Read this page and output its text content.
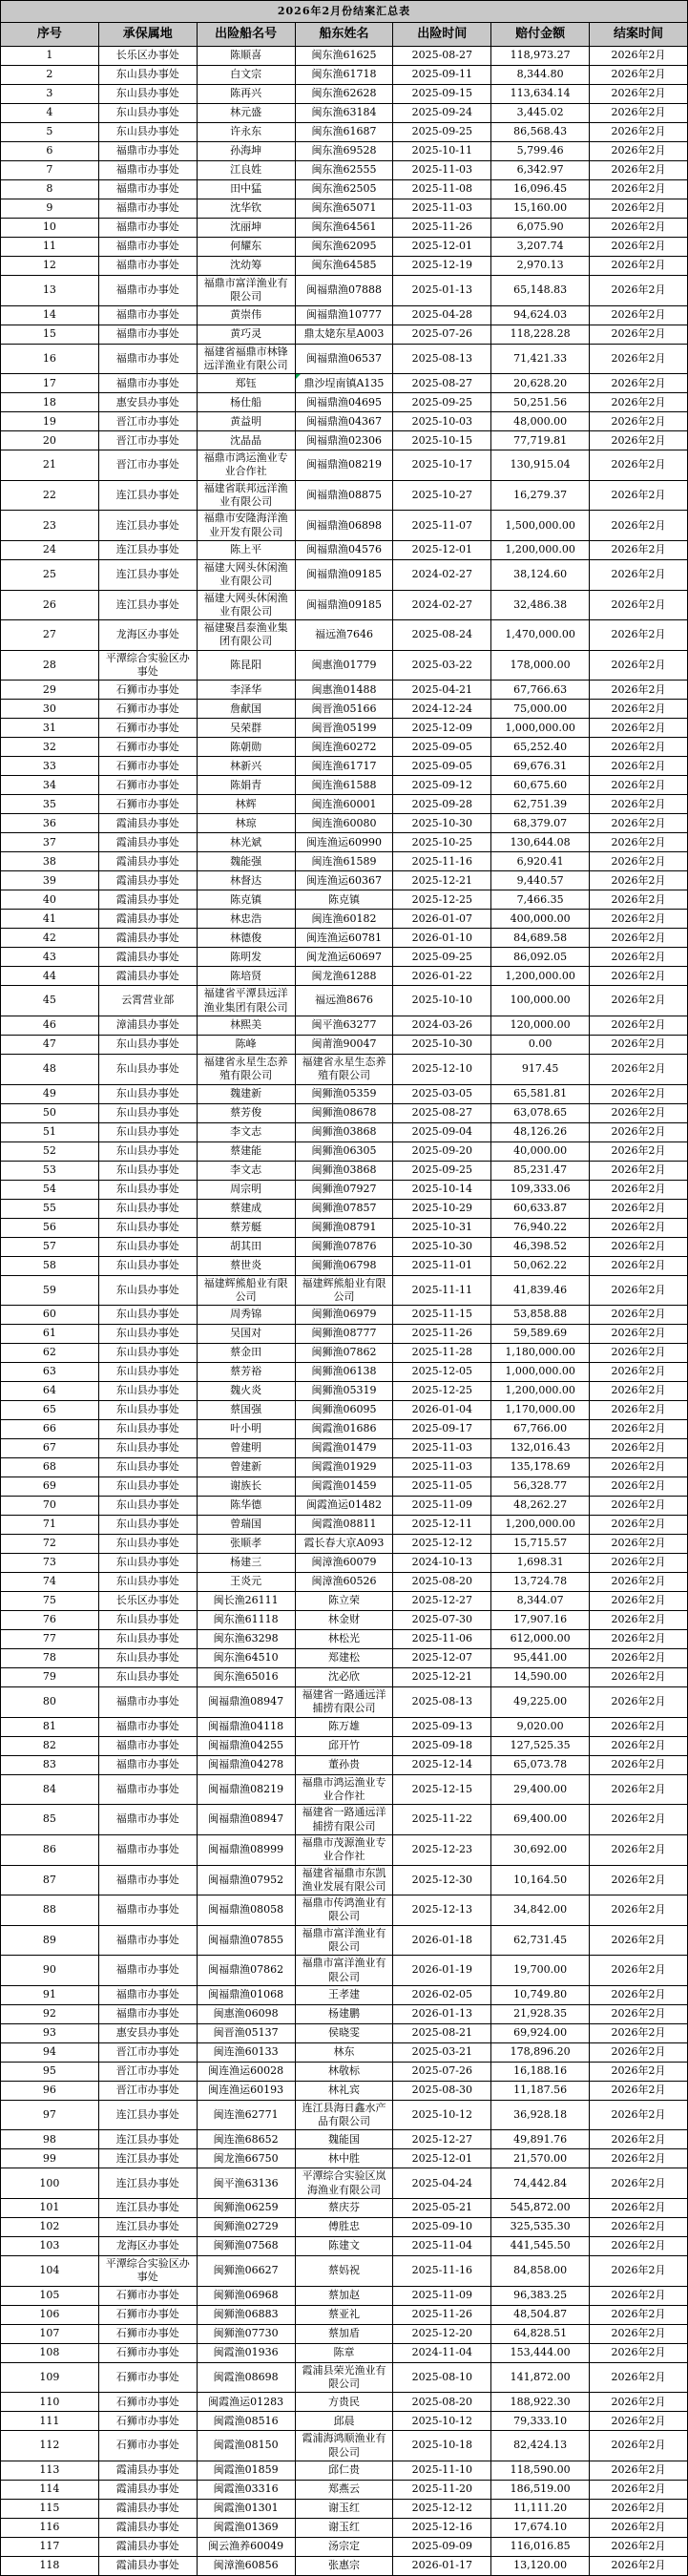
2026年2月份结案汇总表						
序号	承保属地	出险船名号	船东姓名	出险时间	赔付金额	结案时间
1	长乐区办事处	陈顺喜	闽东渔61625	2025-08-27	118,973.27	2026年2月
2	东山县办事处	白文宗	闽东渔61718	2025-09-11	8,344.80	2026年2月
3	东山县办事处	陈再兴	闽东渔62628	2025-09-15	113,634.14	2026年2月
4	东山县办事处	林元盛	闽东渔63184	2025-09-24	3,445.02	2026年2月
5	东山县办事处	许永东	闽东渔61687	2025-09-25	86,568.43	2026年2月
6	福鼎市办事处	孙海坤	闽东渔69528	2025-10-11	5,799.46	2026年2月
7	福鼎市办事处	江良姓	闽东渔62555	2025-11-03	6,342.97	2026年2月
8	福鼎市办事处	田中猛	闽东渔62505	2025-11-08	16,096.45	2026年2月
9	福鼎市办事处	沈华钦	闽东渔65071	2025-11-03	15,160.00	2026年2月
10	福鼎市办事处	沈丽坤	闽东渔64561	2025-11-26	6,075.90	2026年2月
11	福鼎市办事处	何耀东	闽东渔62095	2025-12-01	3,207.74	2026年2月
12	福鼎市办事处	沈幼筹	闽东渔64585	2025-12-19	2,970.13	2026年2月
13	福鼎市办事处	福鼎市富洋渔业有限公司	闽福鼎渔07888	2025-01-13	65,148.83	2026年2月
14	福鼎市办事处	黄崇伟	闽福鼎渔10777	2025-04-28	94,624.03	2026年2月
15	福鼎市办事处	黄巧灵	鼎太姥东星A003	2025-07-26	118,228.28	2026年2月
16	福鼎市办事处	福建省福鼎市林锋远洋渔业有限公司	闽福鼎渔06537	2025-08-13	71,421.33	2026年2月
17	福鼎市办事处	郑钰	鼎沙埕南镇A135	2025-08-27	20,628.20	2026年2月
18	惠安县办事处	杨仕船	闽福鼎渔04695	2025-09-25	50,251.56	2026年2月
19	晋江市办事处	黄益明	闽福鼎渔04367	2025-10-03	48,000.00	2026年2月
20	晋江市办事处	沈晶晶	闽福鼎渔02306	2025-10-15	77,719.81	2026年2月
21	晋江市办事处	福鼎市鸿运渔业专业合作社	闽福鼎渔08219	2025-10-17	130,915.04	2026年2月
22	连江县办事处	福建省联邦远洋渔业有限公司	闽福鼎渔08875	2025-10-27	16,279.37	2026年2月
23	连江县办事处	福鼎市安隆海洋渔业开发有限公司	闽福鼎渔06898	2025-11-07	1,500,000.00	2026年2月
24	连江县办事处	陈上平	闽福鼎渔04576	2025-12-01	1,200,000.00	2026年2月
25	连江县办事处	福建大网头休闲渔业有限公司	闽福鼎渔09185	2024-02-27	38,124.60	2026年2月
26	连江县办事处	福建大网头休闲渔业有限公司	闽福鼎渔09185	2024-02-27	32,486.38	2026年2月
27	龙海区办事处	福建聚昌泰渔业集团有限公司	福远渔7646	2025-08-24	1,470,000.00	2026年2月
28	平潭综合实验区办事处	陈昆阳	闽惠渔01779	2025-03-22	178,000.00	2026年2月
29	石狮市办事处	李泽华	闽惠渔01488	2025-04-21	67,766.63	2026年2月
30	石狮市办事处	詹献国	闽晋渔05166	2024-12-24	75,000.00	2026年2月
31	石狮市办事处	吴荣群	闽晋渔05199	2025-12-09	1,000,000.00	2026年2月
32	石狮市办事处	陈朝勋	闽连渔60272	2025-09-05	65,252.40	2026年2月
33	石狮市办事处	林新兴	闽连渔61717	2025-09-05	69,676.31	2026年2月
34	石狮市办事处	陈娟青	闽连渔61588	2025-09-12	60,675.60	2026年2月
35	石狮市办事处	林辉	闽连渔60001	2025-09-28	62,751.39	2026年2月
36	霞浦县办事处	林琼	闽连渔60080	2025-10-30	68,379.07	2026年2月
37	霞浦县办事处	林光斌	闽连渔运60990	2025-10-25	130,644.08	2026年2月
38	霞浦县办事处	魏能强	闽连渔61589	2025-11-16	6,920.41	2026年2月
39	霞浦县办事处	林督达	闽连渔运60367	2025-12-21	9,440.57	2026年2月
40	霞浦县办事处	陈克镇	陈克镇	2025-12-25	7,466.35	2026年2月
41	霞浦县办事处	林忠浩	闽连渔60182	2026-01-07	400,000.00	2026年2月
42	霞浦县办事处	林德俊	闽连渔运60781	2026-01-10	84,689.58	2026年2月
43	霞浦县办事处	陈明发	闽龙渔运60697	2025-09-25	86,092.05	2026年2月
44	霞浦县办事处	陈培贤	闽龙渔61288	2026-01-22	1,200,000.00	2026年2月
45	云霄营业部	福建省平潭县远洋渔业集团有限公司	福远渔8676	2025-10-10	100,000.00	2026年2月
46	漳浦县办事处	林熙美	闽平渔63277	2024-03-26	120,000.00	2026年2月
47	东山县办事处	陈峰	闽莆渔90047	2025-10-30	0.00	2026年2月
48	东山县办事处	福建省永星生态养殖有限公司	福建省永星生态养殖有限公司	2025-12-10	917.45	2026年2月
49	东山县办事处	魏建新	闽狮渔05359	2025-03-05	65,581.81	2026年2月
50	东山县办事处	蔡芳俊	闽狮渔08678	2025-08-27	63,078.65	2026年2月
51	东山县办事处	李文志	闽狮渔03868	2025-09-04	48,126.26	2026年2月
52	东山县办事处	蔡建能	闽狮渔06305	2025-09-20	40,000.00	2026年2月
53	东山县办事处	李文志	闽狮渔03868	2025-09-25	85,231.47	2026年2月
54	东山县办事处	周宗明	闽狮渔07927	2025-10-14	109,333.06	2026年2月
55	东山县办事处	蔡建成	闽狮渔07857	2025-10-29	60,633.87	2026年2月
56	东山县办事处	蔡芳艇	闽狮渔08791	2025-10-31	76,940.22	2026年2月
57	东山县办事处	胡其田	闽狮渔07876	2025-10-30	46,398.52	2026年2月
58	东山县办事处	蔡世炎	闽狮渔06798	2025-11-01	50,062.22	2026年2月
59	东山县办事处	福建辉熊船业有限公司	福建辉熊船业有限公司	2025-11-11	41,839.46	2026年2月
60	东山县办事处	周秀锦	闽狮渔06979	2025-11-15	53,858.88	2026年2月
61	东山县办事处	吴国对	闽狮渔08777	2025-11-26	59,589.69	2026年2月
62	东山县办事处	蔡金田	闽狮渔07862	2025-11-28	1,180,000.00	2026年2月
63	东山县办事处	蔡芳裕	闽狮渔06138	2025-12-05	1,000,000.00	2026年2月
64	东山县办事处	魏火炎	闽狮渔05319	2025-12-25	1,200,000.00	2026年2月
65	东山县办事处	蔡国强	闽狮渔06095	2026-01-04	1,170,000.00	2026年2月
66	东山县办事处	叶小明	闽霞渔01686	2025-09-17	67,766.00	2026年2月
67	东山县办事处	曾建明	闽霞渔01479	2025-11-03	132,016.43	2026年2月
68	东山县办事处	曾建新	闽霞渔01929	2025-11-03	135,178.69	2026年2月
69	东山县办事处	谢族长	闽霞渔01459	2025-11-05	56,328.77	2026年2月
70	东山县办事处	陈华德	闽霞渔运01482	2025-11-09	48,262.27	2026年2月
71	东山县办事处	曾瑞国	闽霞渔08811	2025-12-11	1,200,000.00	2026年2月
72	东山县办事处	张顺孝	霞长春大京A093	2025-12-12	15,715.57	2026年2月
73	东山县办事处	杨建三	闽漳渔60079	2024-10-13	1,698.31	2026年2月
74	东山县办事处	王炎元	闽漳渔60526	2025-08-20	13,724.78	2026年2月
75	长乐区办事处	闽长渔26111	陈立荣	2025-12-27	8,344.07	2026年2月
76	东山县办事处	闽东渔61118	林金财	2025-07-30	17,907.16	2026年2月
77	东山县办事处	闽东渔63298	林松光	2025-11-06	612,000.00	2026年2月
78	东山县办事处	闽东渔64510	郑建松	2025-12-07	95,441.00	2026年2月
79	东山县办事处	闽东渔65016	沈必欣	2025-12-21	14,590.00	2026年2月
80	福鼎市办事处	闽福鼎渔08947	福建省一路通远洋捕捞有限公司	2025-08-13	49,225.00	2026年2月
81	福鼎市办事处	闽福鼎渔04118	陈万雄	2025-09-13	9,020.00	2026年2月
82	福鼎市办事处	闽福鼎渔04255	邱开竹	2025-09-18	127,525.35	2026年2月
83	福鼎市办事处	闽福鼎渔04278	董孙贵	2025-12-14	65,073.78	2026年2月
84	福鼎市办事处	闽福鼎渔08219	福鼎市鸿运渔业专业合作社	2025-12-15	29,400.00	2026年2月
85	福鼎市办事处	闽福鼎渔08947	福建省一路通远洋捕捞有限公司	2025-11-22	69,400.00	2026年2月
86	福鼎市办事处	闽福鼎渔08999	福鼎市茂源渔业专业合作社	2025-12-23	30,692.00	2026年2月
87	福鼎市办事处	闽福鼎渔07952	福建省福鼎市东凯渔业发展有限公司	2025-12-30	10,164.50	2026年2月
88	福鼎市办事处	闽福鼎渔08058	福鼎市传鸿渔业有限公司	2025-12-13	34,842.00	2026年2月
89	福鼎市办事处	闽福鼎渔07855	福鼎市富洋渔业有限公司	2026-01-18	62,731.45	2026年2月
90	福鼎市办事处	闽福鼎渔07862	福鼎市富洋渔业有限公司	2026-01-19	19,700.00	2026年2月
91	福鼎市办事处	闽福鼎渔01068	王孝建	2026-02-05	10,749.80	2026年2月
92	福鼎市办事处	闽惠渔06098	杨建鹏	2026-01-13	21,928.35	2026年2月
93	惠安县办事处	闽晋渔05137	侯晓雯	2025-08-21	69,924.00	2026年2月
94	晋江市办事处	闽连渔60133	林东	2025-03-21	178,896.20	2026年2月
95	晋江市办事处	闽连渔运60028	林敬标	2025-07-26	16,188.16	2026年2月
96	晋江市办事处	闽连渔运60193	林礼宾	2025-08-30	11,187.56	2026年2月
97	连江县办事处	闽连渔62771	连江县海日鑫水产品有限公司	2025-10-12	36,928.18	2026年2月
98	连江县办事处	闽连渔68652	魏能国	2025-12-27	49,891.76	2026年2月
99	连江县办事处	闽龙渔66750	林中胜	2025-12-01	21,570.00	2026年2月
100	连江县办事处	闽平渔63136	平潭综合实验区岚海渔业有限公司	2025-04-24	74,442.84	2026年2月
101	连江县办事处	闽狮渔06259	蔡庆芬	2025-05-21	545,872.00	2026年2月
102	连江县办事处	闽狮渔02729	傅胜忠	2025-09-10	325,535.30	2026年2月
103	龙海区办事处	闽狮渔07568	陈建文	2025-11-04	441,545.50	2026年2月
104	平潭综合实验区办事处	闽狮渔06627	蔡妈祝	2025-11-16	84,858.00	2026年2月
105	石狮市办事处	闽狮渔06968	蔡加赵	2025-11-09	96,383.25	2026年2月
106	石狮市办事处	闽狮渔06883	蔡亚礼	2025-11-26	48,504.87	2026年2月
107	石狮市办事处	闽狮渔07730	蔡加盾	2025-12-20	64,828.51	2026年2月
108	石狮市办事处	闽霞渔01936	陈章	2024-11-04	153,444.00	2026年2月
109	石狮市办事处	闽霞渔08698	霞浦县荣光渔业有限公司	2025-08-10	141,872.00	2026年2月
110	石狮市办事处	闽霞渔运01283	方贵民	2025-08-20	188,922.30	2026年2月
111	石狮市办事处	闽霞渔08516	邱晨	2025-10-12	79,333.10	2026年2月
112	石狮市办事处	闽霞渔08150	霞浦海鸿顺渔业有限公司	2025-10-18	82,424.13	2026年2月
113	霞浦县办事处	闽霞渔01859	邱仁贵	2025-11-10	118,590.00	2026年2月
114	霞浦县办事处	闽霞渔03316	郑燕云	2025-11-20	186,519.00	2026年2月
115	霞浦县办事处	闽霞渔01301	谢玉红	2025-12-12	11,111.20	2026年2月
116	霞浦县办事处	闽霞渔01369	谢玉红	2025-12-16	17,674.10	2026年2月
117	霞浦县办事处	闽云渔养60049	汤宗定	2025-09-09	116,016.85	2026年2月
118	霞浦县办事处	闽漳渔60856	张惠宗	2026-01-17	13,120.00	2026年2月
